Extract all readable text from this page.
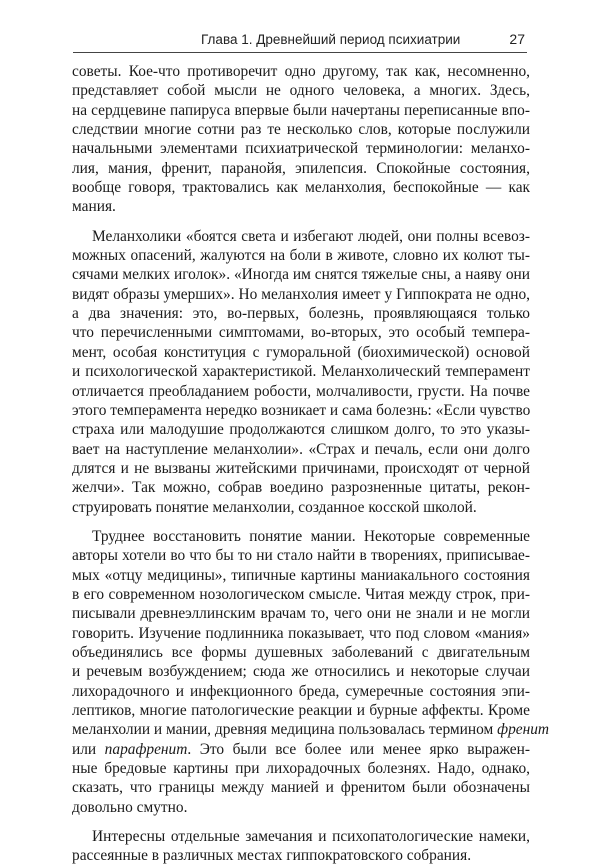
Глава 1. Древнейший период психиатрии	27

советы. Кое-что противоречит одно другому, так как, несомненно,
представляет собой мысли не одного человека, а многих. Здесь,
на сердцевине папируса впервые были начертаны переписанные впо-
следствии многие сотни раз те несколько слов, которые послужили
начальными элементами психиатрической терминологии: меланхо-
лия, мания, френит, паранойя, эпилепсия. Спокойные состояния,
вообще говоря, трактовались как меланхолия, беспокойные — как
мания.

Меланхолики «боятся света и избегают людей, они полны всевоз-
можных опасений, жалуются на боли в животе, словно их колют ты-
сячами мелких иголок». «Иногда им снятся тяжелые сны, а наяву они
видят образы умерших». Но меланхолия имеет у Гиппократа не одно,
а два значения: это, во-первых, болезнь, проявляющаяся только
что перечисленными симптомами, во-вторых, это особый темпера-
мент, особая конституция с гуморальной (биохимической) основой
и психологической характеристикой. Меланхолический темперамент
отличается преобладанием робости, молчаливости, грусти. На почве
этого темперамента нередко возникает и сама болезнь: «Если чувство
страха или малодушие продолжаются слишком долго, то это указы-
вает на наступление меланхолии». «Страх и печаль, если они долго
длятся и не вызваны житейскими причинами, происходят от черной
желчи». Так можно, собрав воедино разрозненные цитаты, рекон-
струировать понятие меланхолии, созданное косской школой.

Труднее восстановить понятие мании. Некоторые современные
авторы хотели во что бы то ни стало найти в творениях, приписывае-
мых «отцу медицины», типичные картины маниакального состояния
в его современном нозологическом смысле. Читая между строк, при-
писывали древнеэллинским врачам то, чего они не знали и не могли
говорить. Изучение подлинника показывает, что под словом «мания»
объединялись все формы душевных заболеваний с двигательным
и речевым возбуждением; сюда же относились и некоторые случаи
лихорадочного и инфекционного бреда, сумеречные состояния эпи-
лептиков, многие патологические реакции и бурные аффекты. Кроме
меланхолии и мании, древняя медицина пользовалась термином френит
или парафренит. Это были все более или менее ярко выражен-
ные бредовые картины при лихорадочных болезнях. Надо, однако,
сказать, что границы между манией и френитом были обозначены
довольно смутно.

Интересны отдельные замечания и психопатологические намеки,
рассеянные в различных местах гиппократовского собрания.
